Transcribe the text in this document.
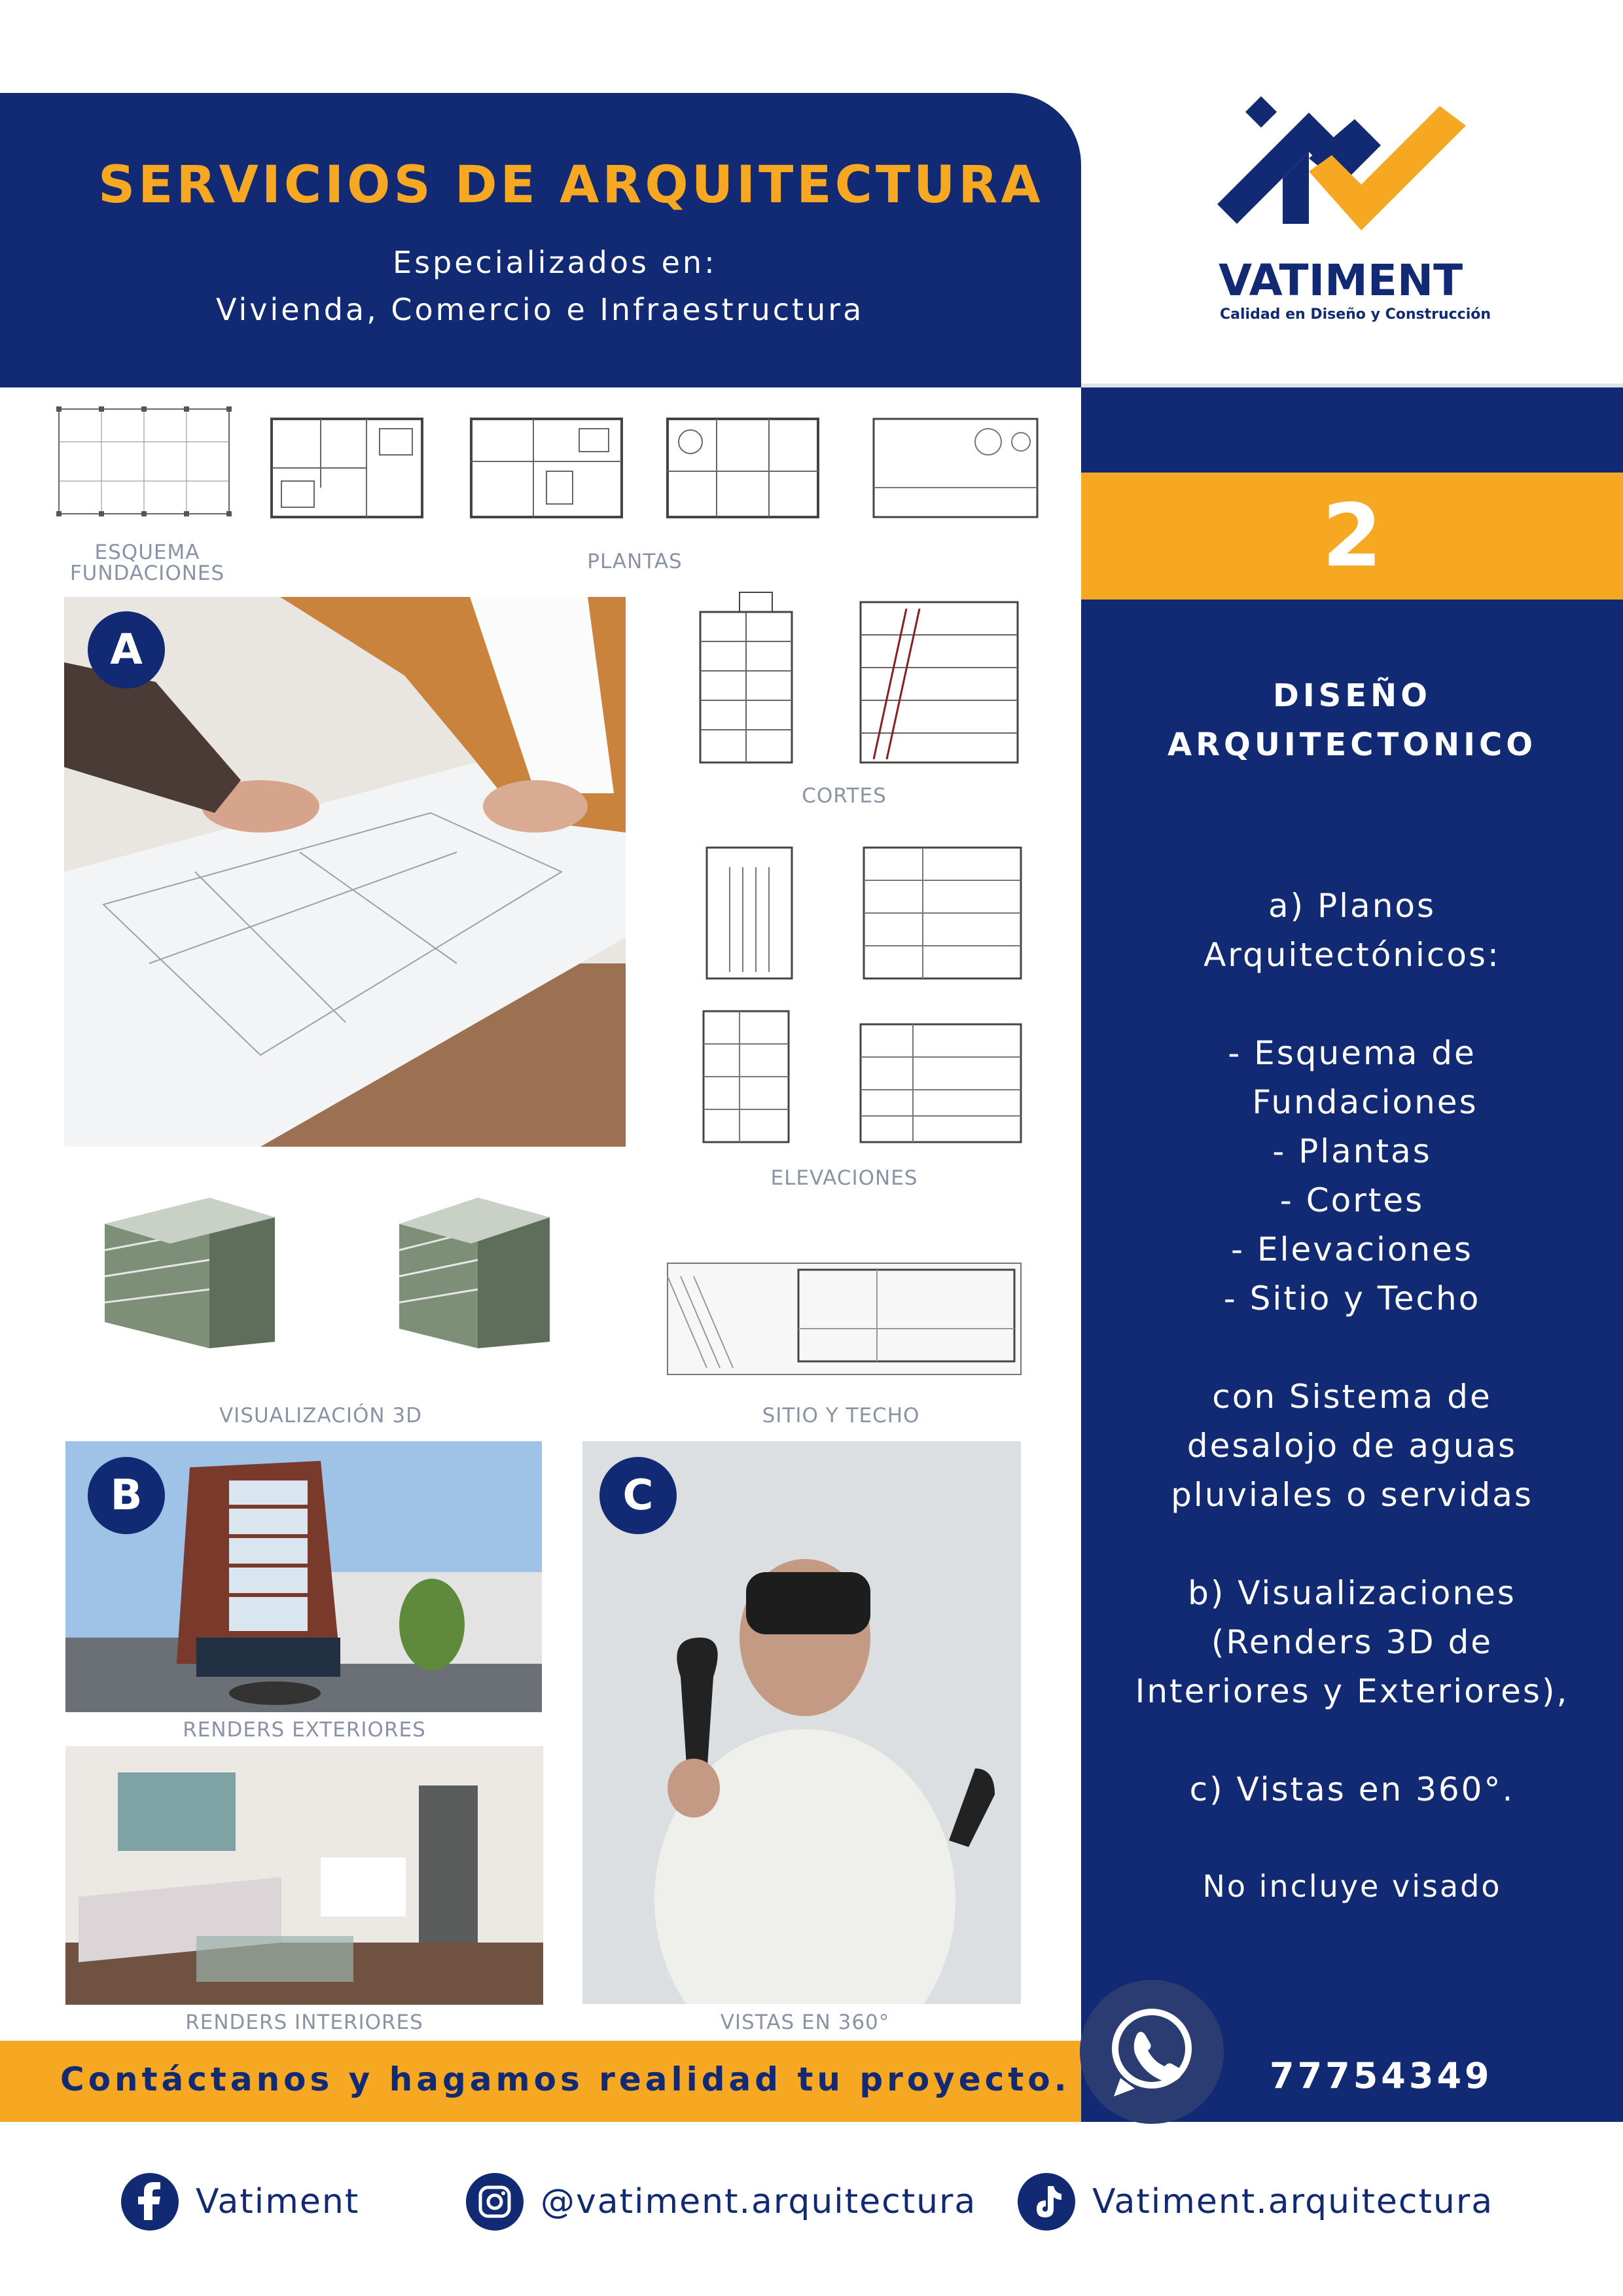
SERVICIOS DE ARQUITECTURA
Especializados en:
Vivienda, Comercio e Infraestructura
VATIMENT
Calidad en Diseño y Construcción
ESQUEMA
FUNDACIONES	PLANTAS
A
CORTES
ELEVACIONES
VISUALIZACIÓN 3D	SITIO Y TECHO
B
RENDERS EXTERIORES
RENDERS INTERIORES
C
VISTAS EN 360°
2
DISEÑO
ARQUITECTONICO
a) Planos
Arquitectónicos:
- Esquema de
Fundaciones
- Plantas
- Cortes
- Elevaciones
- Sitio y Techo
con Sistema de
desalojo de aguas
pluviales o servidas
b) Visualizaciones
(Renders 3D de
Interiores y Exteriores),
c) Vistas en 360°.
No incluye visado
Contáctanos y hagamos realidad tu proyecto.	77754349
Vatiment	@vatiment.arquitectura	Vatiment.arquitectura
